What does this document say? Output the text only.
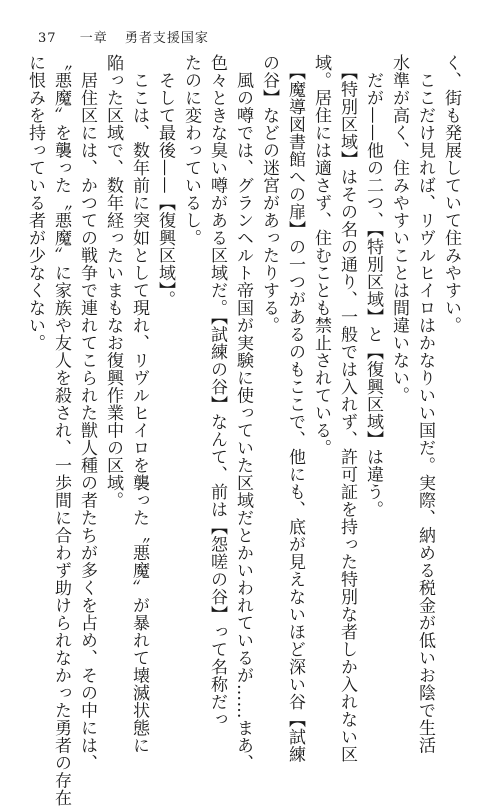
37 一章 勇者支援国家

く、街も発展していて住みやすい。

　ここだけ見れば、リヴルヒイロはかなりいい国だ。実際、納める税金が低いお陰で生活

水準が高く、住みやすいことは間違いない。

　だが——他の二つ、【特別区域】と【復興区域】は違う。

　【特別区域】はその名の通り、一般では入れず、許可証を持った特別な者しか入れない区

域。居住には適さず、住むことも禁止されている。

　【魔導図書館への扉】の一つがあるのもここで、他にも、底が見えないほど深い谷【試練

の谷】などの迷宮があったりする。

　風の噂では、グランヘルト帝国が実験に使っていた区域だとかいわれているが……まあ、

色々ときな臭い噂がある区域だ。【試練の谷】なんて、前は【怨嗟の谷】って名称だっ

たのに変わっているし。

　そして最後——【復興区域】。

　ここは、数年前に突如として現れ、リヴルヒイロを襲った〝悪魔〟が暴れて壊滅状態に

陥った区域で、数年経ったいまもなお復興作業中の区域。

　居住区には、かつての戦争で連れてこられた獣人種の者たちが多くを占め、その中には、

〝悪魔〟を襲った〝悪魔〟に家族や友人を殺され、一歩間に合わず助けられなかった勇者の存在

に恨みを持っている者が少なくない。
